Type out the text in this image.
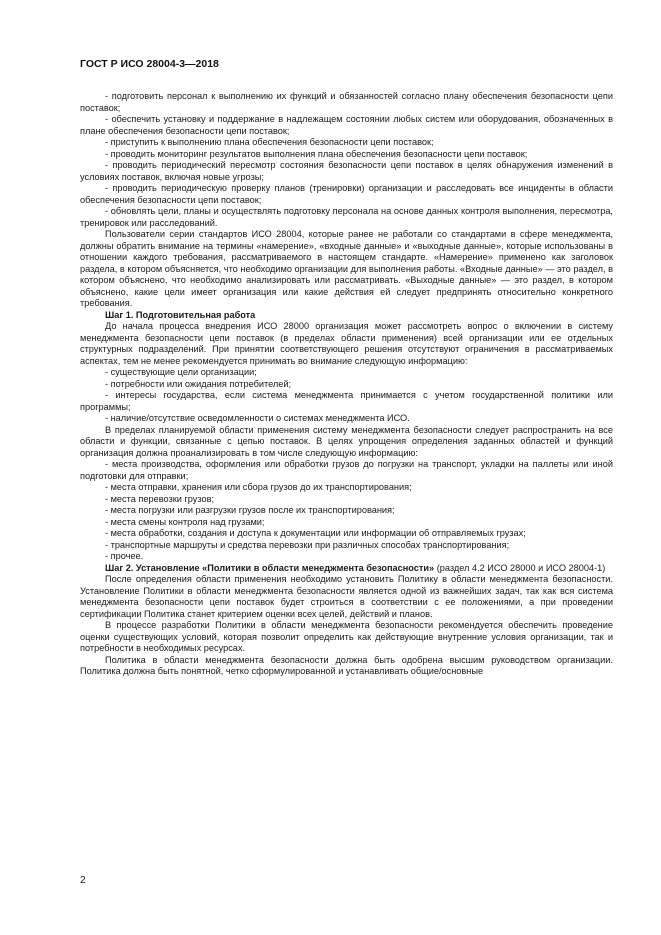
ГОСТ Р ИСО 28004-3—2018

- подготовить персонал к выполнению их функций и обязанностей согласно плану обеспечения безопасности цепи поставок;

- обеспечить установку и поддержание в надлежащем состоянии любых систем или оборудования, обозначенных в плане обеспечения безопасности цепи поставок;

- приступить к выполнению плана обеспечения безопасности цепи поставок;

- проводить мониторинг результатов выполнения плана обеспечения безопасности цепи поставок;

- проводить периодический пересмотр состояния безопасности цепи поставок в целях обнаружения изменений в условиях поставок, включая новые угрозы;

- проводить периодическую проверку планов (тренировки) организации и расследовать все инциденты в области обеспечения безопасности цепи поставок;

- обновлять цели, планы и осуществлять подготовку персонала на основе данных контроля выполнения, пересмотра, тренировок или расследований.

Пользователи серии стандартов ИСО 28004, которые ранее не работали со стандартами в сфере менеджмента, должны обратить внимание на термины «намерение», «входные данные» и «выходные данные», которые использованы в отношении каждого требования, рассматриваемого в настоящем стандарте. «Намерение» применено как заголовок раздела, в котором объясняется, что необходимо организации для выполнения работы. «Входные данные» — это раздел, в котором объяснено, что необходимо анализировать или рассматривать. «Выходные данные» — это раздел, в котором объяснено, какие цели имеет организация или какие действия ей следует предпринять относительно конкретного требования.

Шаг 1. Подготовительная работа

До начала процесса внедрения ИСО 28000 организация может рассмотреть вопрос о включении в систему менеджмента безопасности цепи поставок (в пределах области применения) всей организации или ее отдельных структурных подразделений. При принятии соответствующего решения отсутствуют ограничения в рассматриваемых аспектах, тем не менее рекомендуется принимать во внимание следующую информацию:

- существующие цели организации;

- потребности или ожидания потребителей;

- интересы государства, если система менеджмента принимается с учетом государственной политики или программы;

- наличие/отсутствие осведомленности о системах менеджмента ИСО.

В пределах планируемой области применения систему менеджмента безопасности следует распространить на все области и функции, связанные с цепью поставок. В целях упрощения определения заданных областей и функций организация должна проанализировать в том числе следующую информацию:

- места производства, оформления или обработки грузов до погрузки на транспорт, укладки на паллеты или иной подготовки для отправки;

- места отправки, хранения или сбора грузов до их транспортирования;

- места перевозки грузов;

- места погрузки или разгрузки грузов после их транспортирования;

- места смены контроля над грузами;

- места обработки, создания и доступа к документации или информации об отправляемых грузах;

- транспортные маршруты и средства перевозки при различных способах транспортирования;

- прочее.

Шаг 2. Установление «Политики в области менеджмента безопасности» (раздел 4.2 ИСО 28000 и ИСО 28004-1)

После определения области применения необходимо установить Политику в области менеджмента безопасности. Установление Политики в области менеджмента безопасности является одной из важнейших задач, так как вся система менеджмента безопасности цепи поставок будет строиться в соответствии с ее положениями, а при проведении сертификации Политика станет критерием оценки всех целей, действий и планов.

В процессе разработки Политики в области менеджмента безопасности рекомендуется обеспечить проведение оценки существующих условий, которая позволит определить как действующие внутренние условия организации, так и потребности в необходимых ресурсах.

Политика в области менеджмента безопасности должна быть одобрена высшим руководством организации. Политика должна быть понятной, четко сформулированной и устанавливать общие/основные

2
